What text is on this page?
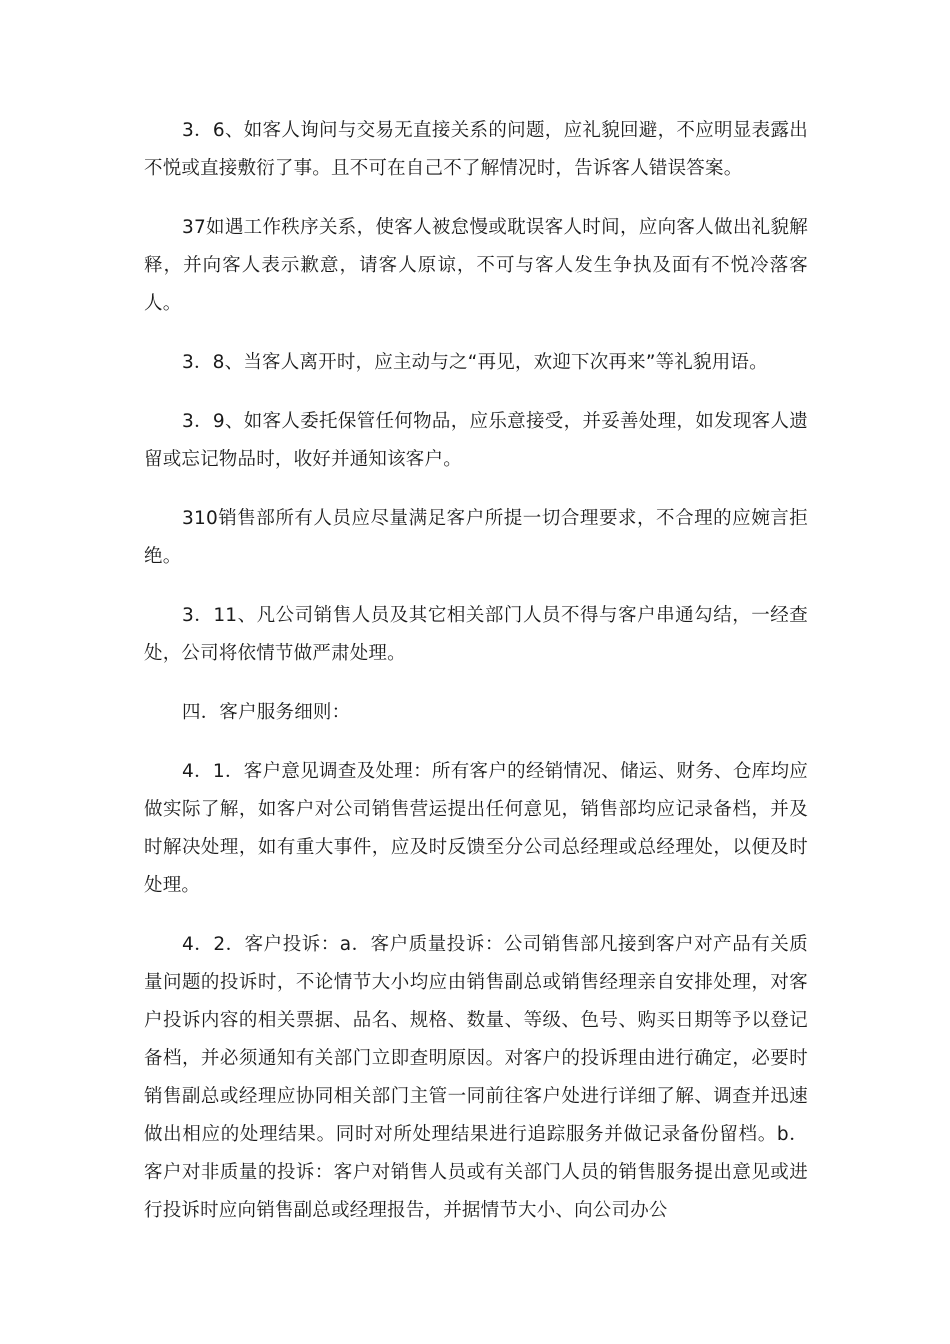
3．6、如客人询问与交易无直接关系的问题，应礼貌回避，不应明显表露出不悦或直接敷衍了事。且不可在自己不了解情况时，告诉客人错误答案。

37如遇工作秩序关系，使客人被怠慢或耽误客人时间，应向客人做出礼貌解释，并向客人表示歉意，请客人原谅，不可与客人发生争执及面有不悦冷落客人。

3．8、当客人离开时，应主动与之“再见，欢迎下次再来”等礼貌用语。

3．9、如客人委托保管任何物品，应乐意接受，并妥善处理，如发现客人遗留或忘记物品时，收好并通知该客户。

310销售部所有人员应尽量满足客户所提一切合理要求，不合理的应婉言拒绝。

3．11、凡公司销售人员及其它相关部门人员不得与客户串通勾结，一经查处，公司将依情节做严肃处理。

四．客户服务细则：

4．1．客户意见调查及处理：所有客户的经销情况、储运、财务、仓库均应做实际了解，如客户对公司销售营运提出任何意见，销售部均应记录备档，并及时解决处理，如有重大事件，应及时反馈至分公司总经理或总经理处，以便及时处理。

4．2．客户投诉：a．客户质量投诉：公司销售部凡接到客户对产品有关质量问题的投诉时，不论情节大小均应由销售副总或销售经理亲自安排处理，对客户投诉内容的相关票据、品名、规格、数量、等级、色号、购买日期等予以登记备档，并必须通知有关部门立即查明原因。对客户的投诉理由进行确定，必要时销售副总或经理应协同相关部门主管一同前往客户处进行详细了解、调查并迅速做出相应的处理结果。同时对所处理结果进行追踪服务并做记录备份留档。b．客户对非质量的投诉：客户对销售人员或有关部门人员的销售服务提出意见或进行投诉时应向销售副总或经理报告，并据情节大小、向公司办公
